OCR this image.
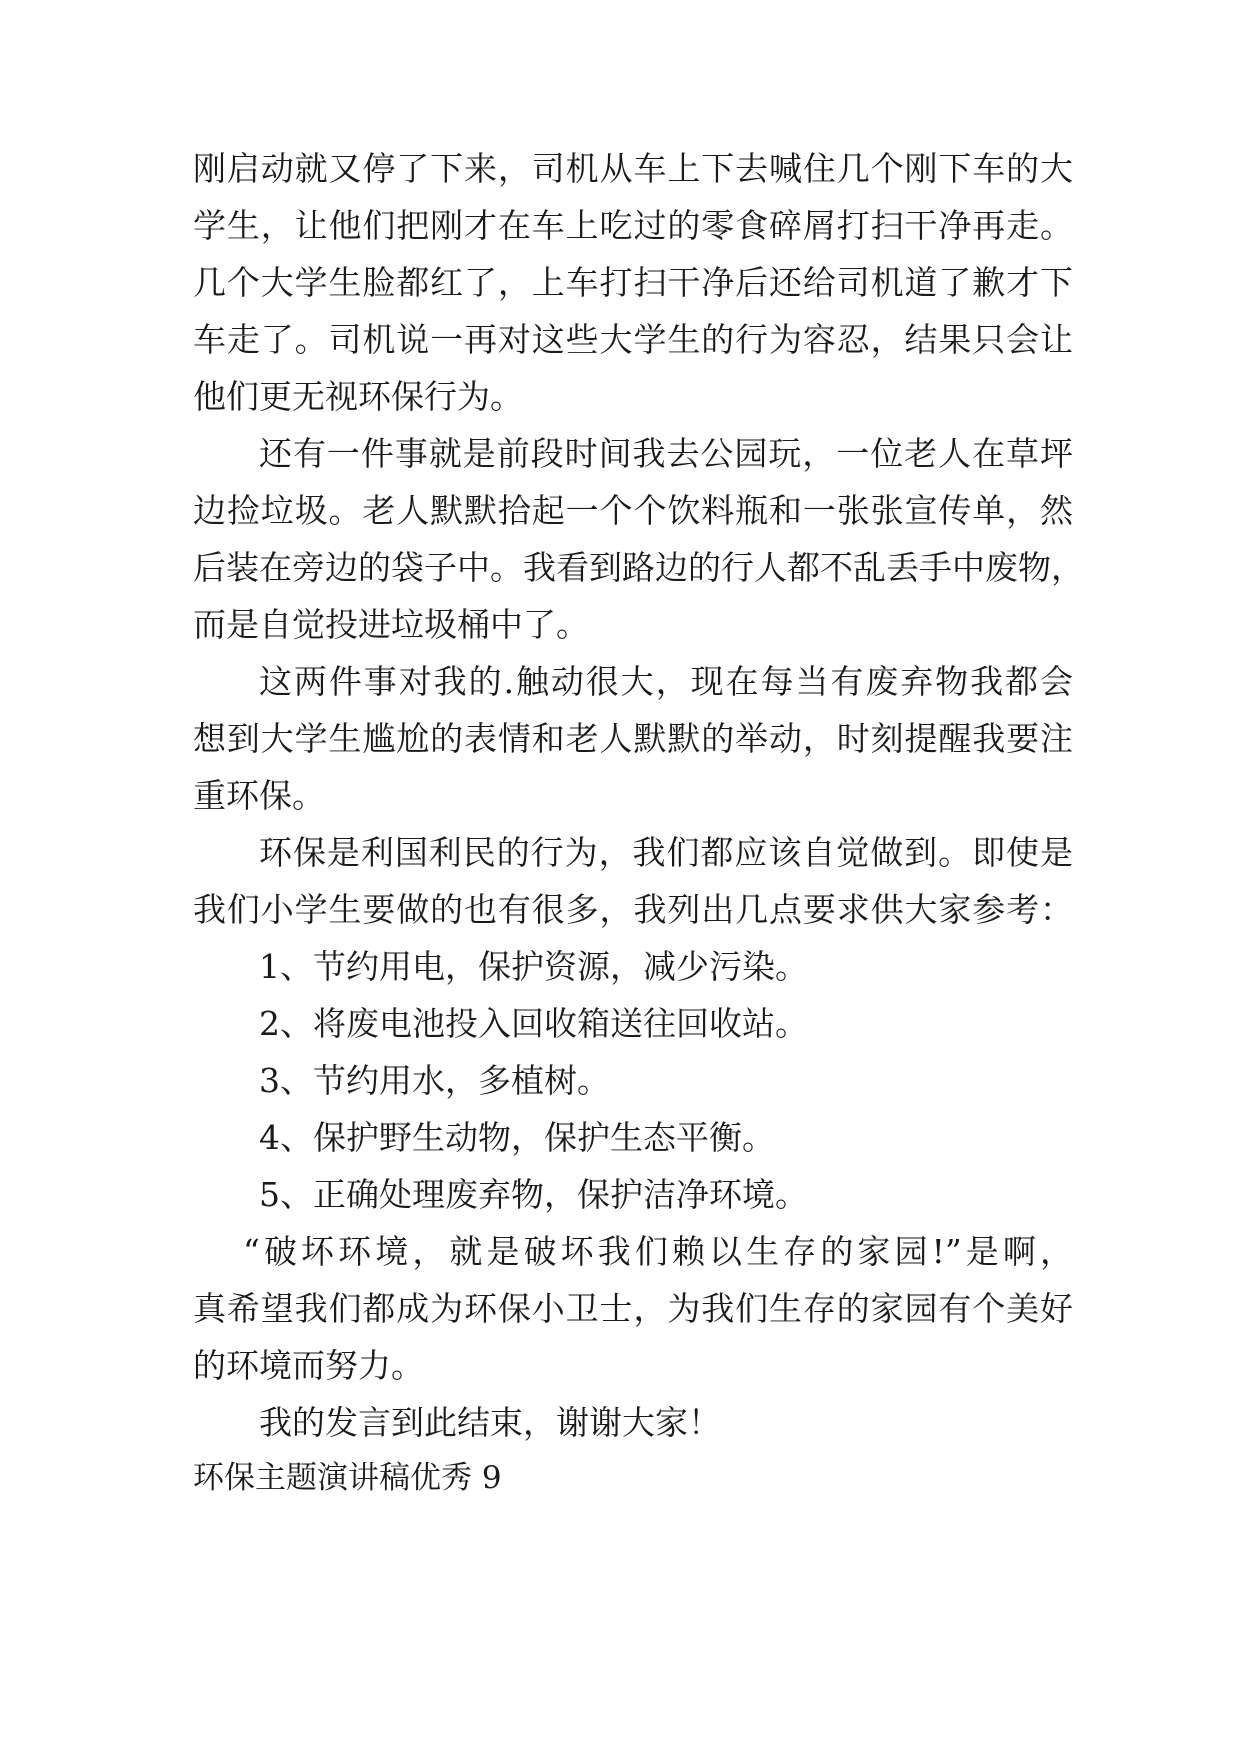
刚启动就又停了下来，司机从车上下去喊住几个刚下车的大
学生，让他们把刚才在车上吃过的零食碎屑打扫干净再走。
几个大学生脸都红了，上车打扫干净后还给司机道了歉才下
车走了。司机说一再对这些大学生的行为容忍，结果只会让
他们更无视环保行为。
还有一件事就是前段时间我去公园玩，一位老人在草坪
边捡垃圾。老人默默拾起一个个饮料瓶和一张张宣传单，然
后装在旁边的袋子中。我看到路边的行人都不乱丢手中废物，
而是自觉投进垃圾桶中了。
这两件事对我的.触动很大，现在每当有废弃物我都会
想到大学生尴尬的表情和老人默默的举动，时刻提醒我要注
重环保。
环保是利国利民的行为，我们都应该自觉做到。即使是
我们小学生要做的也有很多，我列出几点要求供大家参考：
1、节约用电，保护资源，减少污染。
2、将废电池投入回收箱送往回收站。
3、节约用水，多植树。
4、保护野生动物，保护生态平衡。
5、正确处理废弃物，保护洁净环境。
“破坏环境，就是破坏我们赖以生存的家园!”是啊，
真希望我们都成为环保小卫士，为我们生存的家园有个美好
的环境而努力。
我的发言到此结束，谢谢大家！
环保主题演讲稿优秀 9
